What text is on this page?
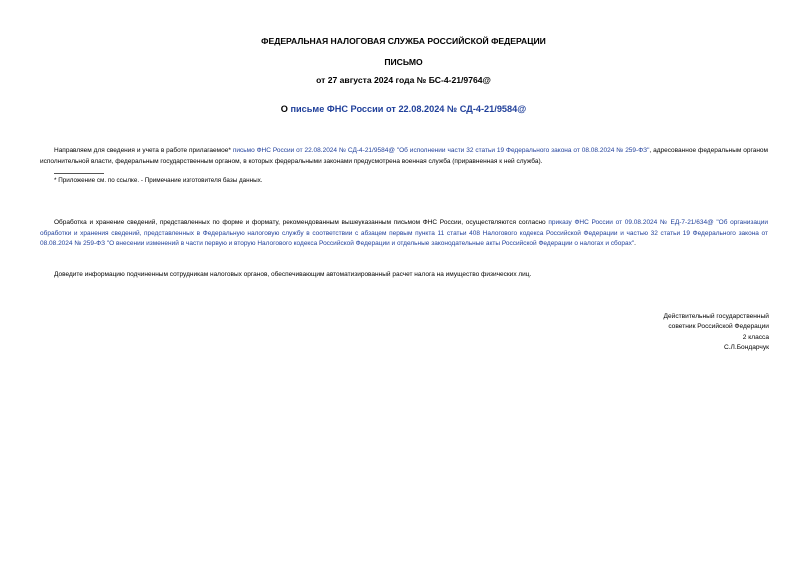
ФЕДЕРАЛЬНАЯ НАЛОГОВАЯ СЛУЖБА РОССИЙСКОЙ ФЕДЕРАЦИИ
ПИСЬМО
от 27 августа 2024 года № БС-4-21/9764@
О письме ФНС России от 22.08.2024 № СД-4-21/9584@
Направляем для сведения и учета в работе прилагаемое* письмо ФНС России от 22.08.2024 № СД-4-21/9584@ "Об исполнении части 32 статьи 19 Федерального закона от 08.08.2024 № 259-ФЗ", адресованное федеральным органом исполнительной власти, федеральным государственным органом, в которых федеральными законами предусмотрена военная служба (приравненная к ней служба).
* Приложение см. по ссылке. - Примечание изготовителя базы данных.
Обработка и хранение сведений, представленных по форме и формату, рекомендованным вышеуказанным письмом ФНС России, осуществляются согласно приказу ФНС России от 09.08.2024 № ЕД-7-21/634@ "Об организации обработки и хранения сведений, представленных в Федеральную налоговую службу в соответствии с абзацем первым пункта 11 статьи 408 Налогового кодекса Российской Федерации и частью 32 статьи 19 Федерального закона от 08.08.2024 № 259-ФЗ "О внесении изменений в части первую и вторую Налогового кодекса Российской Федерации и отдельные законодательные акты Российской Федерации о налогах и сборах".
Доведите информацию подчиненным сотрудникам налоговых органов, обеспечивающим автоматизированный расчет налога на имущество физических лиц.
Действительный государственный
советник Российской Федерации
2 класса
С.Л.Бондарчук
